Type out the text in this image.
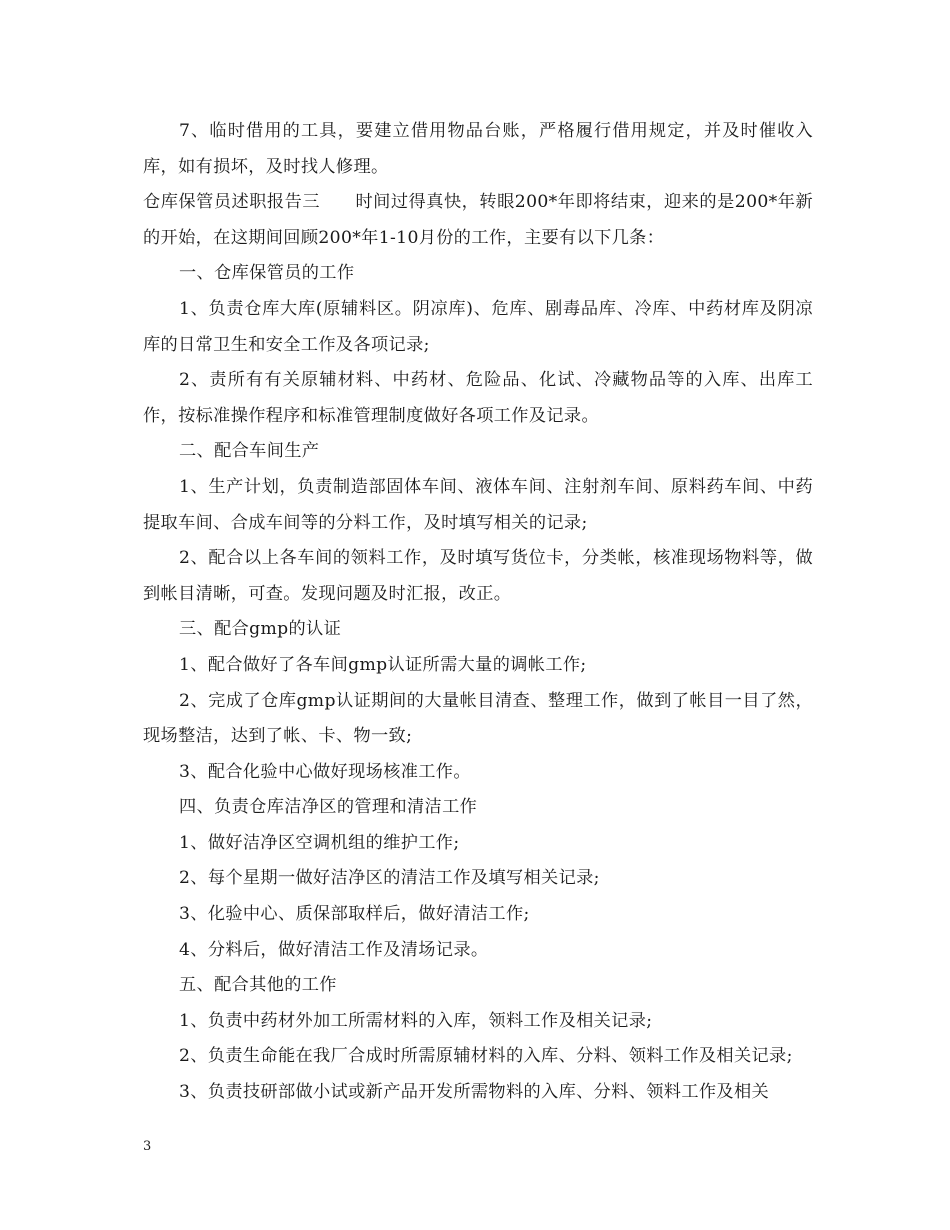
7、临时借用的工具，要建立借用物品台账，严格履行借用规定，并及时催收入库，如有损坏，及时找人修理。

仓库保管员述职报告三　　时间过得真快，转眼200*年即将结束，迎来的是200*年新的开始，在这期间回顾200*年1-10月份的工作，主要有以下几条：

一、仓库保管员的工作

1、负责仓库大库(原辅料区。阴凉库)、危库、剧毒品库、冷库、中药材库及阴凉库的日常卫生和安全工作及各项记录;

2、责所有有关原辅材料、中药材、危险品、化试、冷藏物品等的入库、出库工作，按标准操作程序和标准管理制度做好各项工作及记录。

二、配合车间生产

1、生产计划，负责制造部固体车间、液体车间、注射剂车间、原料药车间、中药提取车间、合成车间等的分料工作，及时填写相关的记录;

2、配合以上各车间的领料工作，及时填写货位卡，分类帐，核准现场物料等，做到帐目清晰，可查。发现问题及时汇报，改正。

三、配合gmp的认证

1、配合做好了各车间gmp认证所需大量的调帐工作;

2、完成了仓库gmp认证期间的大量帐目清查、整理工作，做到了帐目一目了然，现场整洁，达到了帐、卡、物一致;

3、配合化验中心做好现场核准工作。

四、负责仓库洁净区的管理和清洁工作

1、做好洁净区空调机组的维护工作;

2、每个星期一做好洁净区的清洁工作及填写相关记录;

3、化验中心、质保部取样后，做好清洁工作;

4、分料后，做好清洁工作及清场记录。

五、配合其他的工作

1、负责中药材外加工所需材料的入库，领料工作及相关记录;

2、负责生命能在我厂合成时所需原辅材料的入库、分料、领料工作及相关记录;

3、负责技研部做小试或新产品开发所需物料的入库、分料、领料工作及相关

3
